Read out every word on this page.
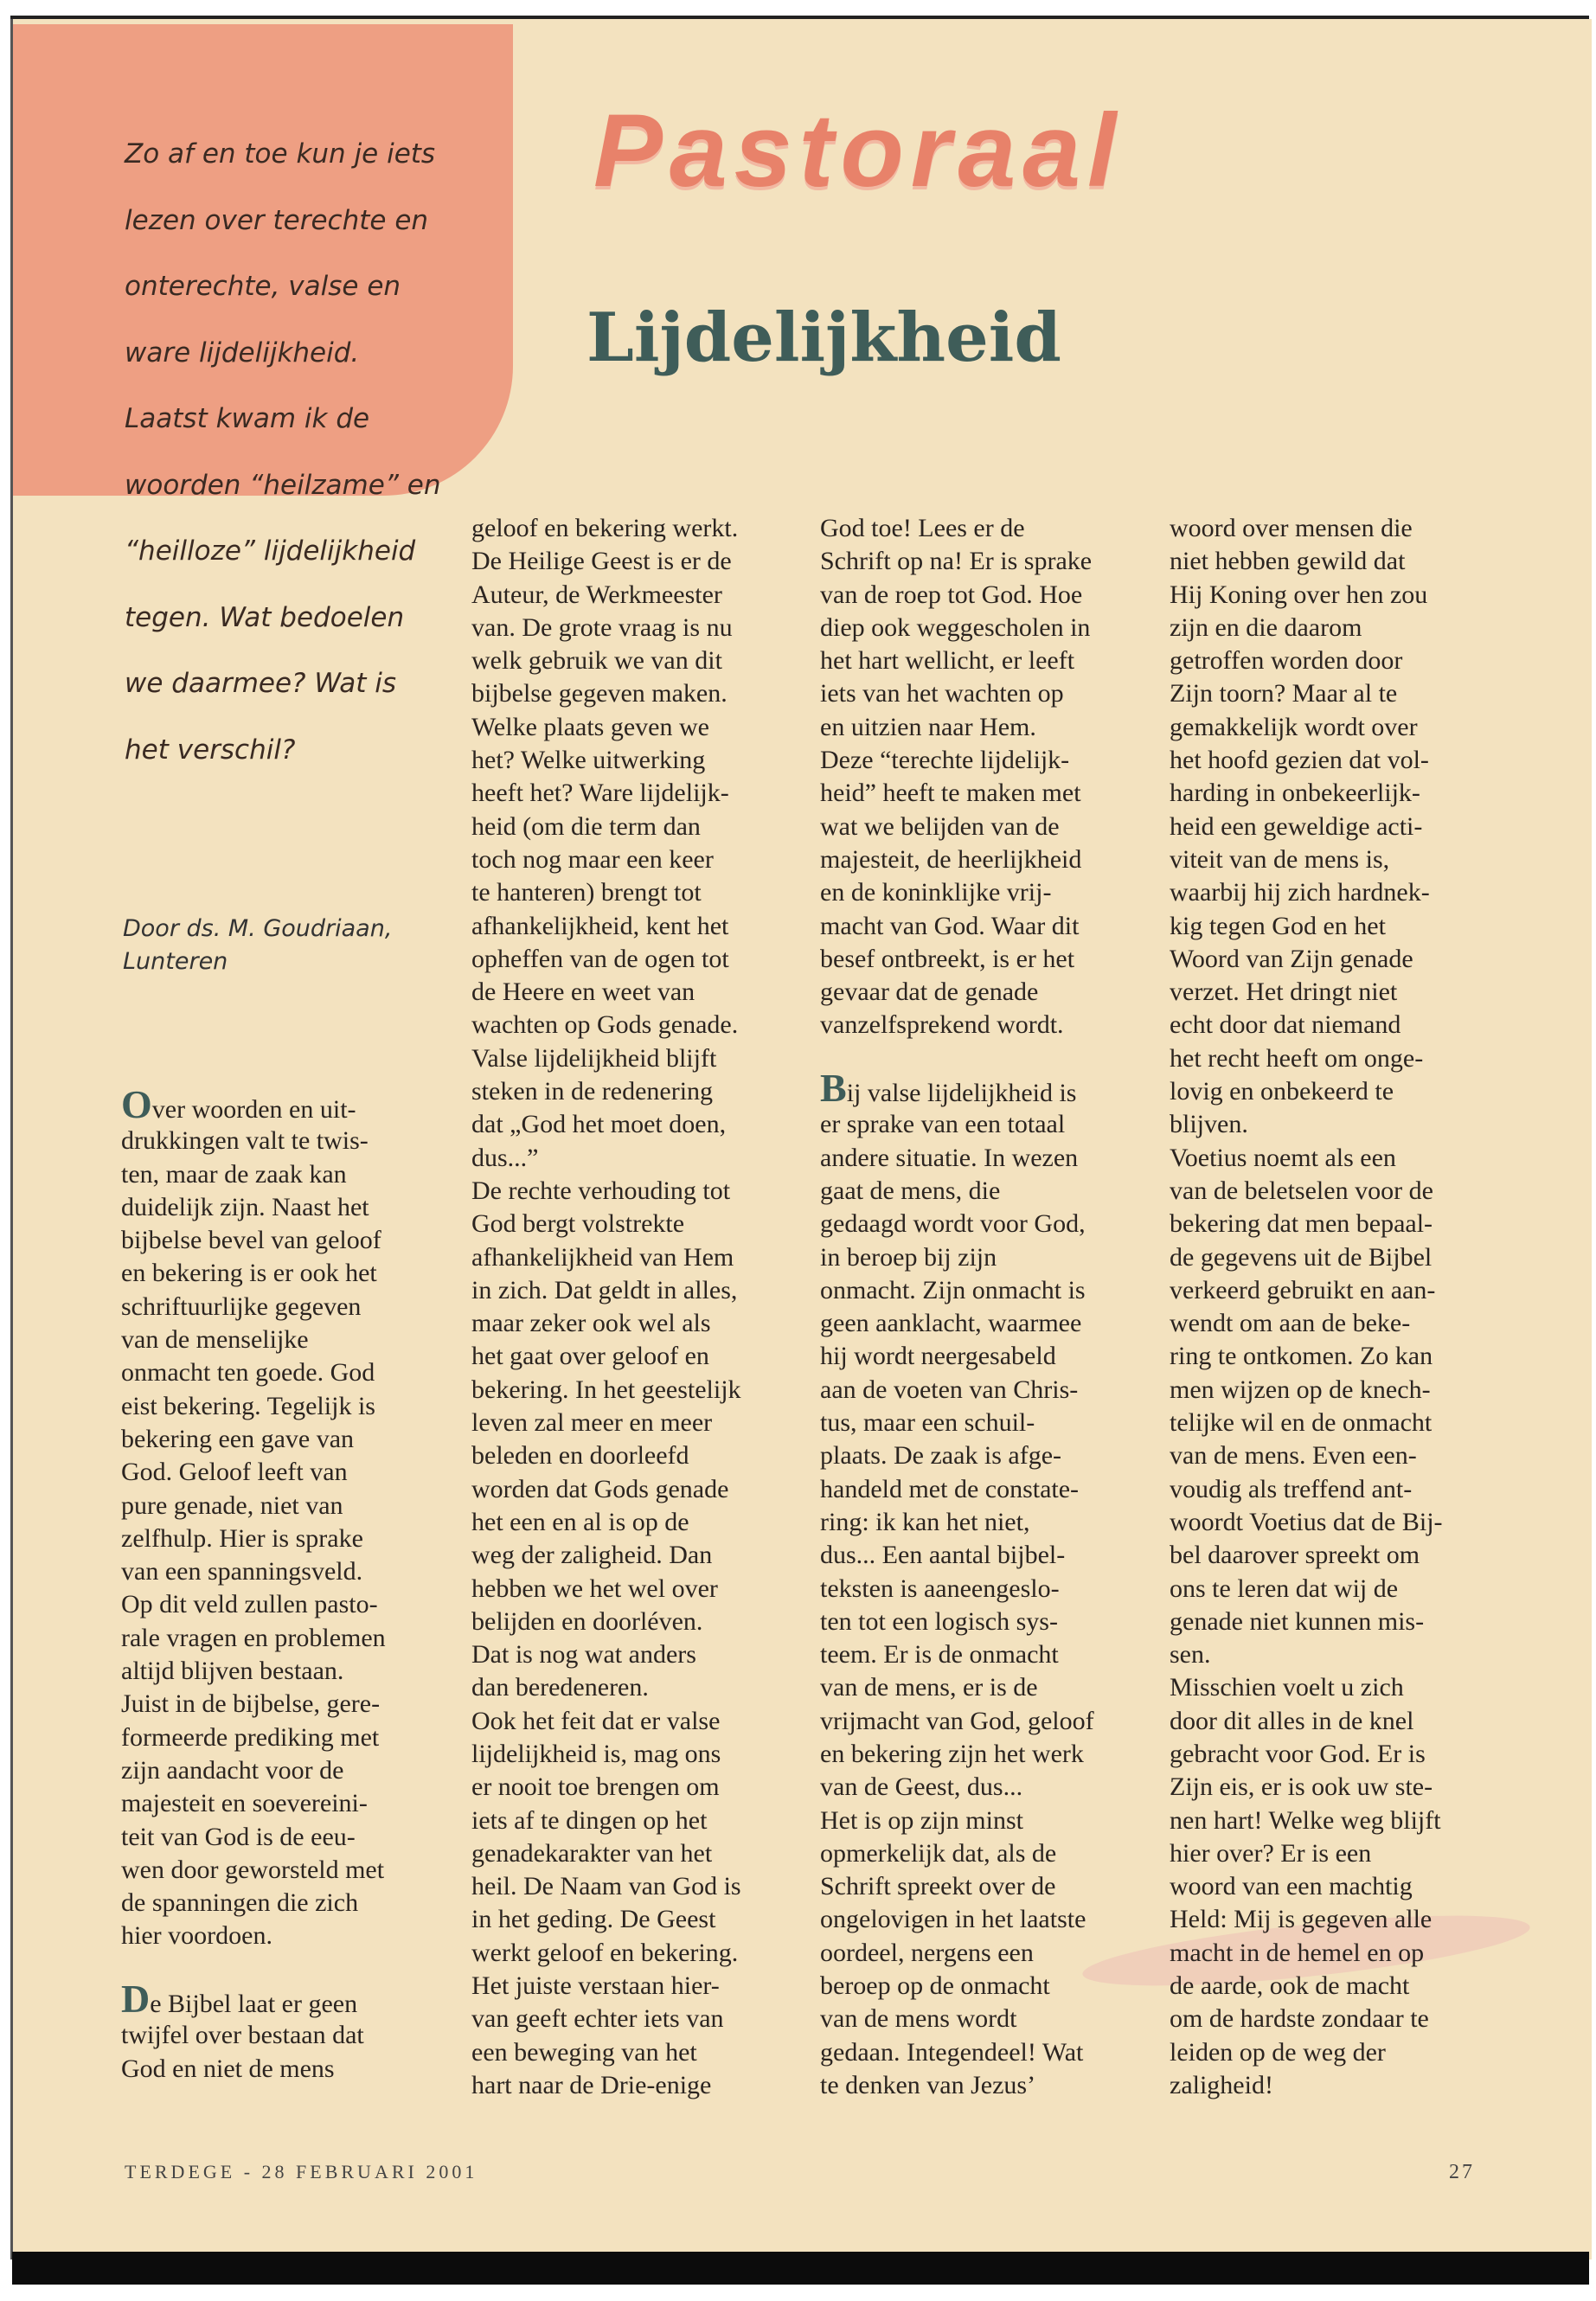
Pastoraal
Lijdelijkheid
Zo af en toe kun je iets
lezen over terechte en
onterechte, valse en
ware lijdelijkheid.
Laatst kwam ik de
woorden “heilzame” en
“heilloze” lijdelijkheid
tegen. Wat bedoelen
we daarmee? Wat is
het verschil?
Door ds. M. Goudriaan,
Lunteren
Over woorden en uit-
drukkingen valt te twis-
ten, maar de zaak kan
duidelijk zijn. Naast het
bijbelse bevel van geloof
en bekering is er ook het
schriftuurlijke gegeven
van de menselijke
onmacht ten goede. God
eist bekering. Tegelijk is
bekering een gave van
God. Geloof leeft van
pure genade, niet van
zelfhulp. Hier is sprake
van een spanningsveld.
Op dit veld zullen pasto-
rale vragen en problemen
altijd blijven bestaan.
Juist in de bijbelse, gere-
formeerde prediking met
zijn aandacht voor de
majesteit en soevereini-
teit van God is de eeu-
wen door geworsteld met
de spanningen die zich
hier voordoen.
De Bijbel laat er geen
twijfel over bestaan dat
God en niet de mens
geloof en bekering werkt.
De Heilige Geest is er de
Auteur, de Werkmeester
van. De grote vraag is nu
welk gebruik we van dit
bijbelse gegeven maken.
Welke plaats geven we
het? Welke uitwerking
heeft het? Ware lijdelijk-
heid (om die term dan
toch nog maar een keer
te hanteren) brengt tot
afhankelijkheid, kent het
opheffen van de ogen tot
de Heere en weet van
wachten op Gods genade.
Valse lijdelijkheid blijft
steken in de redenering
dat „God het moet doen,
dus...”
De rechte verhouding tot
God bergt volstrekte
afhankelijkheid van Hem
in zich. Dat geldt in alles,
maar zeker ook wel als
het gaat over geloof en
bekering. In het geestelijk
leven zal meer en meer
beleden en doorleefd
worden dat Gods genade
het een en al is op de
weg der zaligheid. Dan
hebben we het wel over
belijden en doorléven.
Dat is nog wat anders
dan beredeneren.
Ook het feit dat er valse
lijdelijkheid is, mag ons
er nooit toe brengen om
iets af te dingen op het
genadekarakter van het
heil. De Naam van God is
in het geding. De Geest
werkt geloof en bekering.
Het juiste verstaan hier-
van geeft echter iets van
een beweging van het
hart naar de Drie-enige
God toe! Lees er de
Schrift op na! Er is sprake
van de roep tot God. Hoe
diep ook weggescholen in
het hart wellicht, er leeft
iets van het wachten op
en uitzien naar Hem.
Deze “terechte lijdelijk-
heid” heeft te maken met
wat we belijden van de
majesteit, de heerlijkheid
en de koninklijke vrij-
macht van God. Waar dit
besef ontbreekt, is er het
gevaar dat de genade
vanzelfsprekend wordt.
Bij valse lijdelijkheid is
er sprake van een totaal
andere situatie. In wezen
gaat de mens, die
gedaagd wordt voor God,
in beroep bij zijn
onmacht. Zijn onmacht is
geen aanklacht, waarmee
hij wordt neergesabeld
aan de voeten van Chris-
tus, maar een schuil-
plaats. De zaak is afge-
handeld met de constate-
ring: ik kan het niet,
dus... Een aantal bijbel-
teksten is aaneengeslo-
ten tot een logisch sys-
teem. Er is de onmacht
van de mens, er is de
vrijmacht van God, geloof
en bekering zijn het werk
van de Geest, dus...
Het is op zijn minst
opmerkelijk dat, als de
Schrift spreekt over de
ongelovigen in het laatste
oordeel, nergens een
beroep op de onmacht
van de mens wordt
gedaan. Integendeel! Wat
te denken van Jezus’
woord over mensen die
niet hebben gewild dat
Hij Koning over hen zou
zijn en die daarom
getroffen worden door
Zijn toorn? Maar al te
gemakkelijk wordt over
het hoofd gezien dat vol-
harding in onbekeerlijk-
heid een geweldige acti-
viteit van de mens is,
waarbij hij zich hardnek-
kig tegen God en het
Woord van Zijn genade
verzet. Het dringt niet
echt door dat niemand
het recht heeft om onge-
lovig en onbekeerd te
blijven.
Voetius noemt als een
van de beletselen voor de
bekering dat men bepaal-
de gegevens uit de Bijbel
verkeerd gebruikt en aan-
wendt om aan de beke-
ring te ontkomen. Zo kan
men wijzen op de knech-
telijke wil en de onmacht
van de mens. Even een-
voudig als treffend ant-
woordt Voetius dat de Bij-
bel daarover spreekt om
ons te leren dat wij de
genade niet kunnen mis-
sen.
Misschien voelt u zich
door dit alles in de knel
gebracht voor God. Er is
Zijn eis, er is ook uw ste-
nen hart! Welke weg blijft
hier over? Er is een
woord van een machtig
Held: Mij is gegeven alle
macht in de hemel en op
de aarde, ook de macht
om de hardste zondaar te
leiden op de weg der
zaligheid!
TERDEGE - 28 FEBRUARI 2001	27
